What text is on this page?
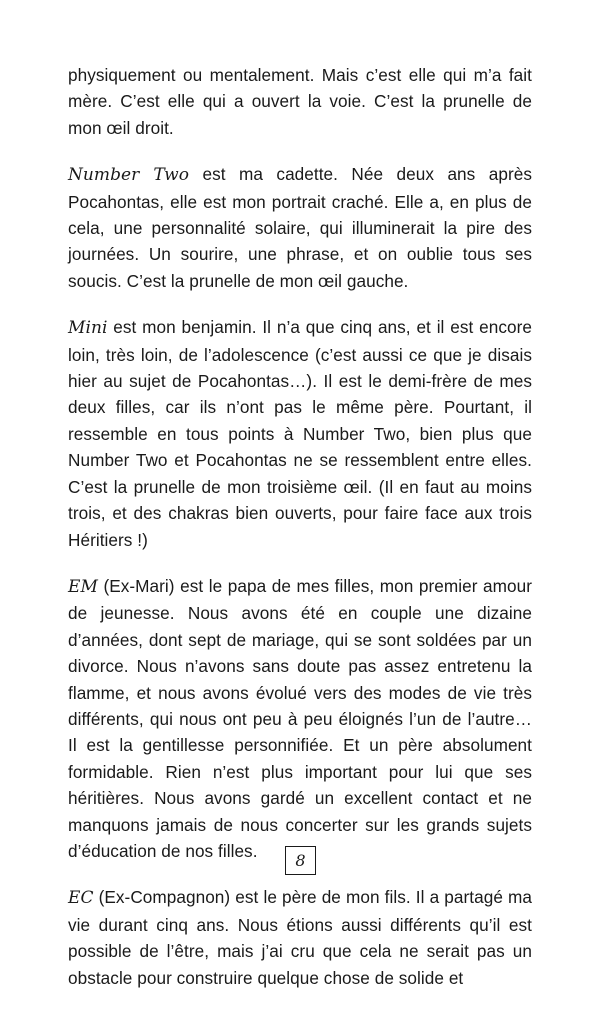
physiquement ou mentalement. Mais c’est elle qui m’a fait mère. C’est elle qui a ouvert la voie. C’est la prunelle de mon œil droit.

Number Two est ma cadette. Née deux ans après Pocahontas, elle est mon portrait craché. Elle a, en plus de cela, une personnalité solaire, qui illuminerait la pire des journées. Un sourire, une phrase, et on oublie tous ses soucis. C’est la prunelle de mon œil gauche.

Mini est mon benjamin. Il n’a que cinq ans, et il est encore loin, très loin, de l’adolescence (c’est aussi ce que je disais hier au sujet de Pocahontas…). Il est le demi-frère de mes deux filles, car ils n’ont pas le même père. Pourtant, il ressemble en tous points à Number Two, bien plus que Number Two et Pocahontas ne se ressemblent entre elles. C’est la prunelle de mon troisième œil. (Il en faut au moins trois, et des chakras bien ouverts, pour faire face aux trois Héritiers !)

EM (Ex-Mari) est le papa de mes filles, mon premier amour de jeunesse. Nous avons été en couple une dizaine d’années, dont sept de mariage, qui se sont soldées par un divorce. Nous n’avons sans doute pas assez entretenu la flamme, et nous avons évolué vers des modes de vie très différents, qui nous ont peu à peu éloignés l’un de l’autre… Il est la gentillesse personnifiée. Et un père absolument formidable. Rien n’est plus important pour lui que ses héritières. Nous avons gardé un excellent contact et ne manquons jamais de nous concerter sur les grands sujets d’éducation de nos filles.

EC (Ex-Compagnon) est le père de mon fils. Il a partagé ma vie durant cinq ans. Nous étions aussi différents qu’il est possible de l’être, mais j’ai cru que cela ne serait pas un obstacle pour construire quelque chose de solide et

8
